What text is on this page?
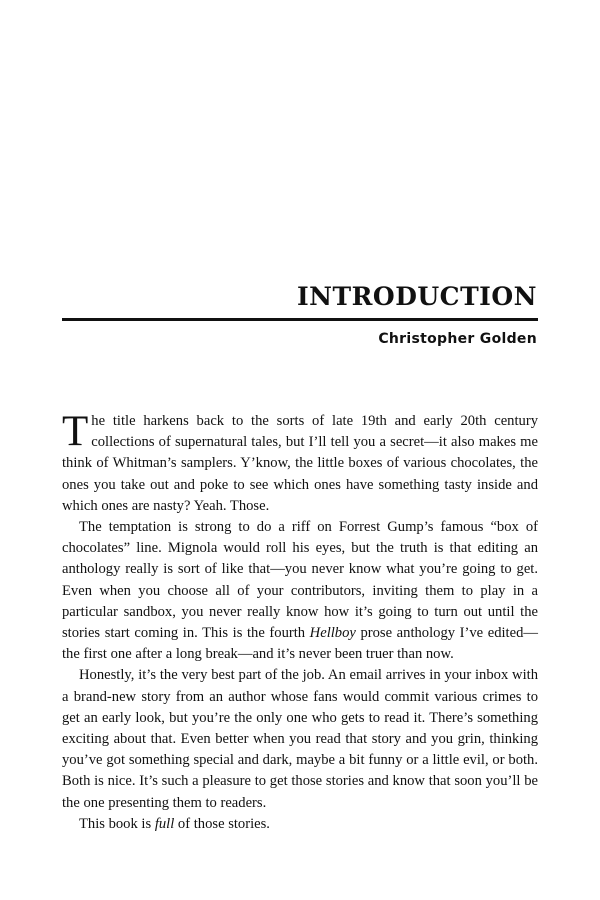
INTRODUCTION

Christopher Golden

The title harkens back to the sorts of late 19th and early 20th century collections of supernatural tales, but I’ll tell you a secret—it also makes me think of Whitman’s samplers. Y’know, the little boxes of various chocolates, the ones you take out and poke to see which ones have something tasty inside and which ones are nasty? Yeah. Those.

The temptation is strong to do a riff on Forrest Gump’s famous “box of chocolates” line. Mignola would roll his eyes, but the truth is that editing an anthology really is sort of like that—you never know what you’re going to get. Even when you choose all of your contributors, inviting them to play in a particular sandbox, you never really know how it’s going to turn out until the stories start coming in. This is the fourth Hellboy prose anthology I’ve edited—the first one after a long break—and it’s never been truer than now.

Honestly, it’s the very best part of the job. An email arrives in your inbox with a brand-new story from an author whose fans would commit various crimes to get an early look, but you’re the only one who gets to read it. There’s something exciting about that. Even better when you read that story and you grin, thinking you’ve got something special and dark, maybe a bit funny or a little evil, or both. Both is nice. It’s such a pleasure to get those stories and know that soon you’ll be the one presenting them to readers.

This book is full of those stories.
